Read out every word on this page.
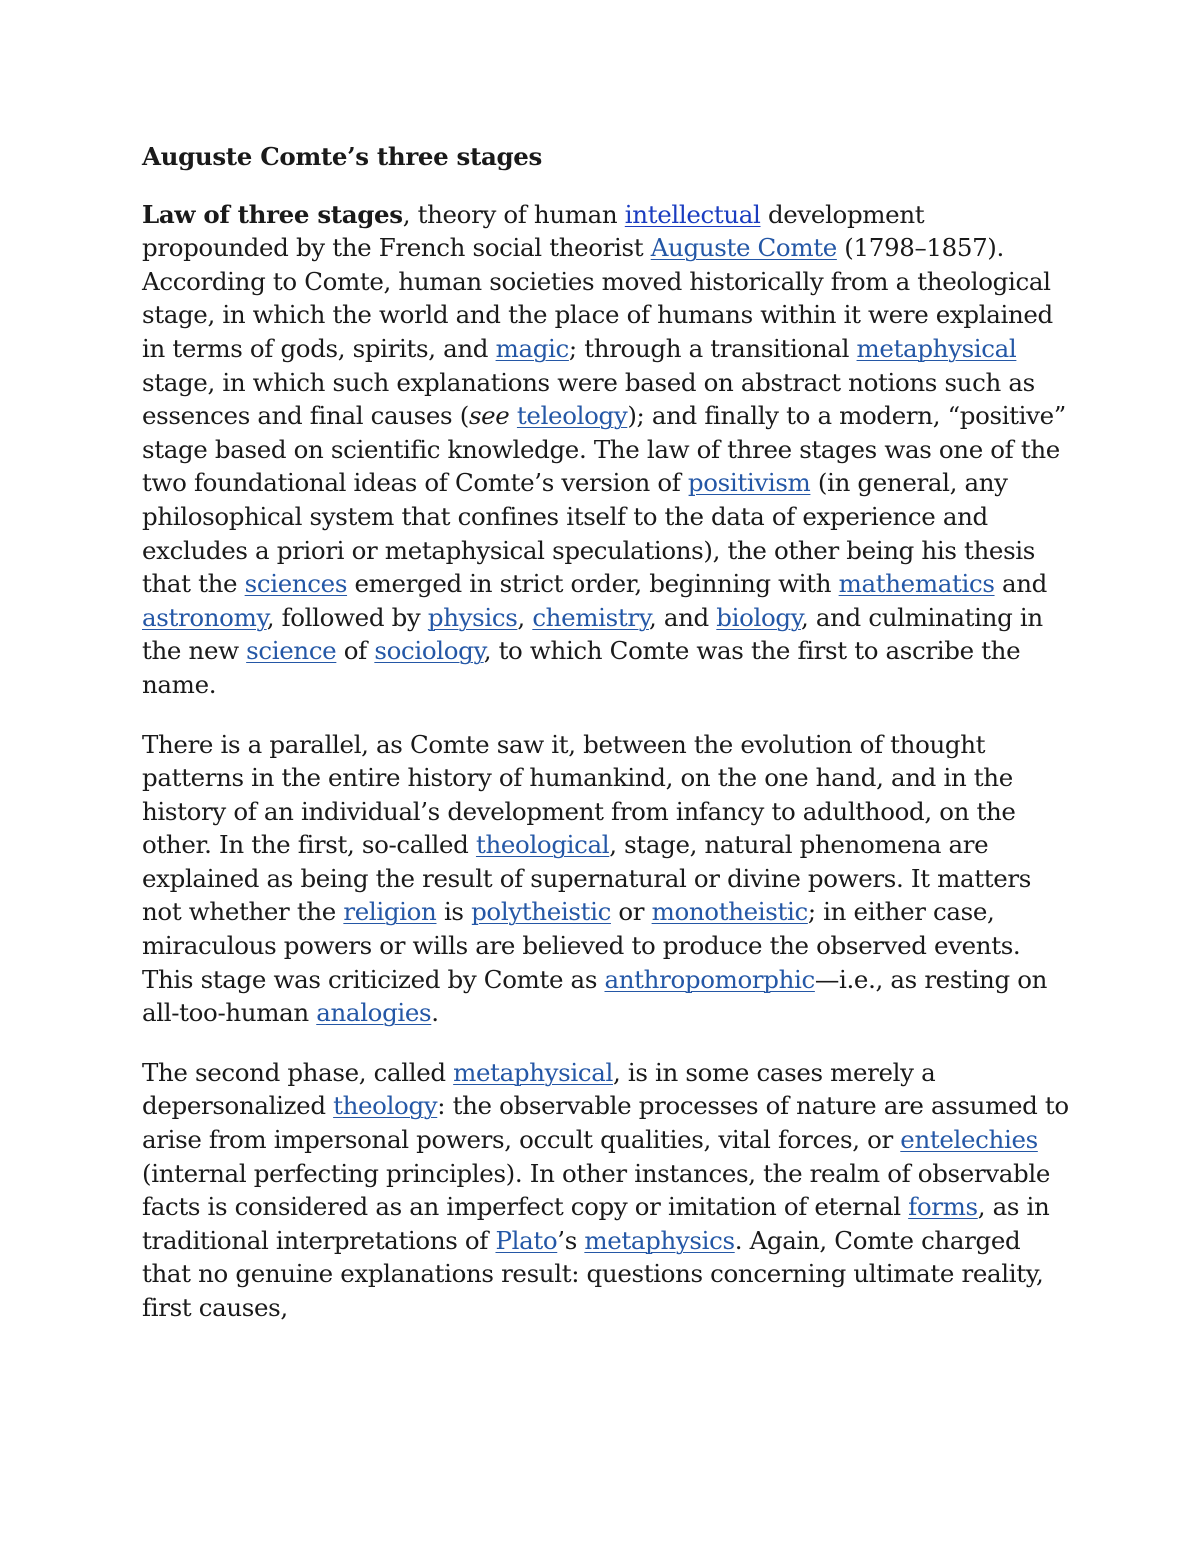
Auguste Comte’s three stages

Law of three stages, theory of human intellectual development propounded by the French social theorist Auguste Comte (1798–1857). According to Comte, human societies moved historically from a theological stage, in which the world and the place of humans within it were explained in terms of gods, spirits, and magic; through a transitional metaphysical stage, in which such explanations were based on abstract notions such as essences and final causes (see teleology); and finally to a modern, “positive” stage based on scientific knowledge. The law of three stages was one of the two foundational ideas of Comte’s version of positivism (in general, any philosophical system that confines itself to the data of experience and excludes a priori or metaphysical speculations), the other being his thesis that the sciences emerged in strict order, beginning with mathematics and astronomy, followed by physics, chemistry, and biology, and culminating in the new science of sociology, to which Comte was the first to ascribe the name.

There is a parallel, as Comte saw it, between the evolution of thought patterns in the entire history of humankind, on the one hand, and in the history of an individual’s development from infancy to adulthood, on the other. In the first, so-called theological, stage, natural phenomena are explained as being the result of supernatural or divine powers. It matters not whether the religion is polytheistic or monotheistic; in either case, miraculous powers or wills are believed to produce the observed events. This stage was criticized by Comte as anthropomorphic—i.e., as resting on all-too-human analogies.

The second phase, called metaphysical, is in some cases merely a depersonalized theology: the observable processes of nature are assumed to arise from impersonal powers, occult qualities, vital forces, or entelechies (internal perfecting principles). In other instances, the realm of observable facts is considered as an imperfect copy or imitation of eternal forms, as in traditional interpretations of Plato’s metaphysics. Again, Comte charged that no genuine explanations result: questions concerning ultimate reality, first causes,
